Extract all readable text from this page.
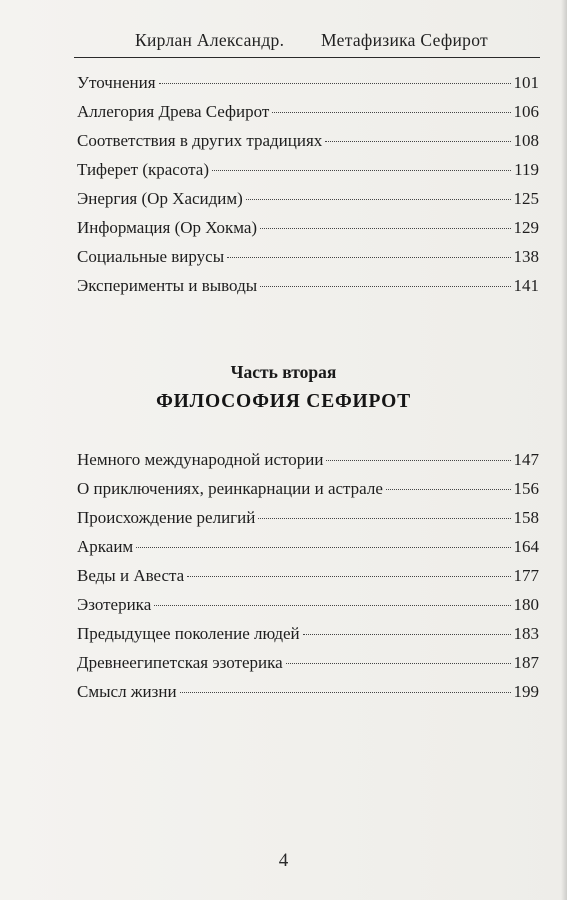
Кирлан Александр. Метафизика Сефирот
Уточнения	101
Аллегория Древа Сефирот	106
Соответствия в других традициях	108
Тиферет (красота)	119
Энергия (Ор Хасидим)	125
Информация (Ор Хокма)	129
Социальные вирусы	138
Эксперименты и выводы	141
Часть вторая
ФИЛОСОФИЯ СЕФИРОТ
Немного международной истории	147
О приключениях, реинкарнации и астрале	156
Происхождение религий	158
Аркаим	164
Веды и Авеста	177
Эзотерика	180
Предыдущее поколение людей	183
Древнеегипетская эзотерика	187
Смысл жизни	199
4
